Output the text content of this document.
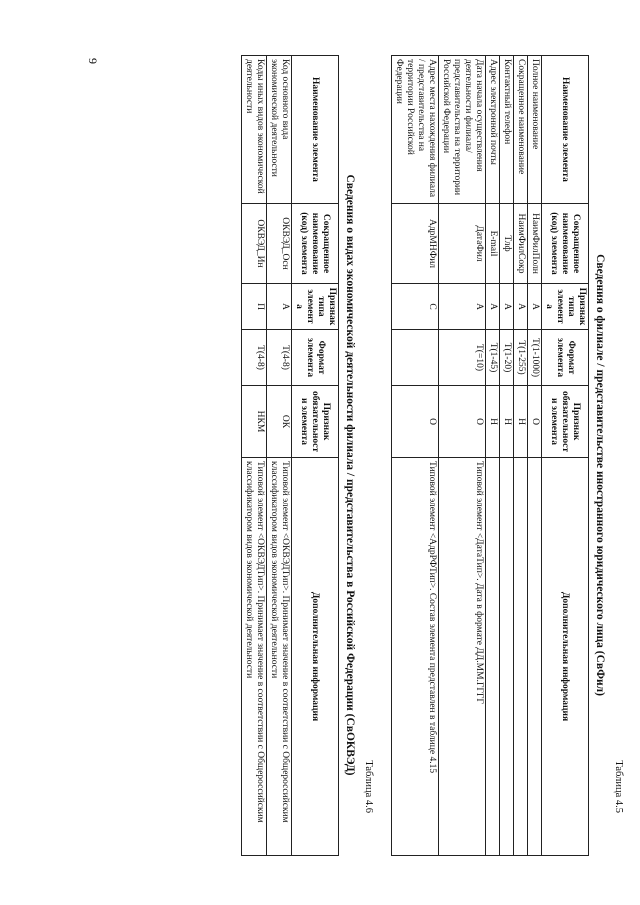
9
Таблица 4.5
Сведения о филиале / представительстве иностранного юридического лица (СвФил)
Наименование элемента	Сокращенное наименование (код) элемента	Признак типа элемента	Формат элемента	Признак обязательности элемента	Дополнительная информация
Полное наименование	НаимФилПолн	А	Т(1-1000)	О	
Сокращенное наименование	НаимФилСокр	А	Т(1-255)	Н	
Контактный телефон	Тлф	А	Т(1-20)	Н	
Адрес электронной почты	E-mail	А	Т(1-45)	Н	
Дата начала осуществления деятельности филиала/представительства на территории Российской Федерации	ДатаФил	А	Т(=10)	О	Типовой элемент <ДатаТип>. Дата в формате ДД.ММ.ГГГГ
Адрес места нахождения филиала / представительства на территории Российской Федерации	АдрМНФил	С		О	Типовой элемент <АдрРФТип>. Состав элемента представлен в таблице 4.15
Таблица 4.6
Сведения о видах экономической деятельности филиала / представительства в Российской Федерации (СвОКВЭД)
Наименование элемента	Сокращенное наименование (код) элемента	Признак типа элемента	Формат элемента	Признак обязательности элемента	Дополнительная информация
Код основного вида экономической деятельности	ОКВЭД_Осн	А	Т(4-8)	ОК	Типовой элемент <ОКВЭДТип>. Принимает значение в соответствии с Общероссийским классификатором видов экономической деятельности
Коды иных видов экономической деятельности	ОКВЭД_Ин	П	Т(4-8)	НКМ	Типовой элемент <ОКВЭДТип>. Принимает значение в соответствии с Общероссийским классификатором видов экономической деятельности
